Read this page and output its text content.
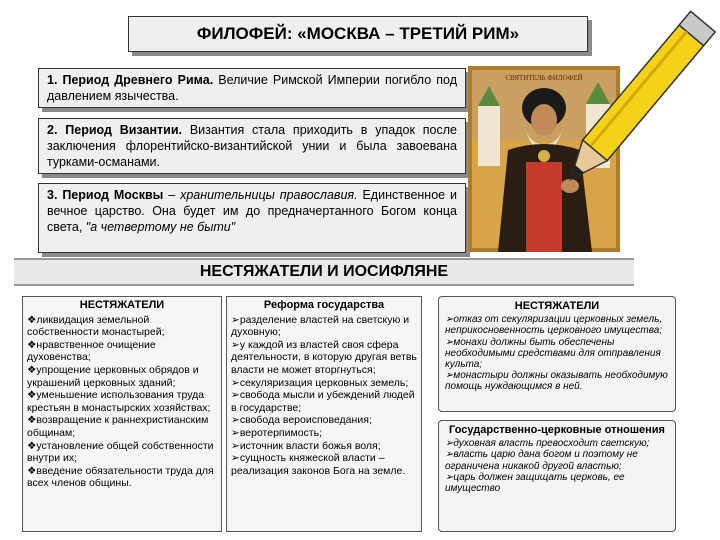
ФИЛОФЕЙ: «МОСКВА – ТРЕТИЙ РИМ»
1. Период Древнего Рима. Величие Римской Империи погибло под давлением язычества.
2. Период Византии. Византия стала приходить в упадок после заключения флорентийско-византийской унии и была завоевана турками-османами.
3. Период Москвы – хранительницы православия. Единственное и вечное царство. Она будет им до предначертанного Богом конца света, "а четвертому не быти"
СВЯТИТЕЛЬ ФИЛОФЕЙ
НЕСТЯЖАТЕЛИ И ИОСИФЛЯНЕ
НЕСТЯЖАТЕЛИ
❖ликвидация земельной собственности монастырей;
❖нравственное очищение духовенства;
❖упрощение церковных обрядов и украшений церковных зданий;
❖уменьшение использования труда крестьян в монастырских хозяйствах;
❖возвращение к раннехристианским общинам;
❖установление общей собственности внутри их;
❖введение обязательности труда для всех членов общины.
Реформа государства
➢разделение властей на светскую и духовную;
➢у каждой из властей своя сфера деятельности, в которую другая ветвь власти не может вторгнуться;
➢секуляризация церковных земель;
➢свобода мысли и убеждений людей в государстве;
➢свобода вероисповедания;
➢веротерпимость;
➢источник власти божья воля;
➢сущность княжеской власти – реализация законов Бога на земле.
НЕСТЯЖАТЕЛИ
➢отказ от секуляризации церковных земель, неприкосновенность церковного имущества;
➢монахи должны быть обеспечены необходимыми средствами для отправления культа;
➢монастыри должны оказывать необходимую помощь нуждающимся в ней.
Государственно-церковные отношения
➢духовная власть превосходит светскую;
➢власть царю дана богом и поэтому не ограничена никакой другой властью;
➢царь должен защищать церковь, ее имущество
